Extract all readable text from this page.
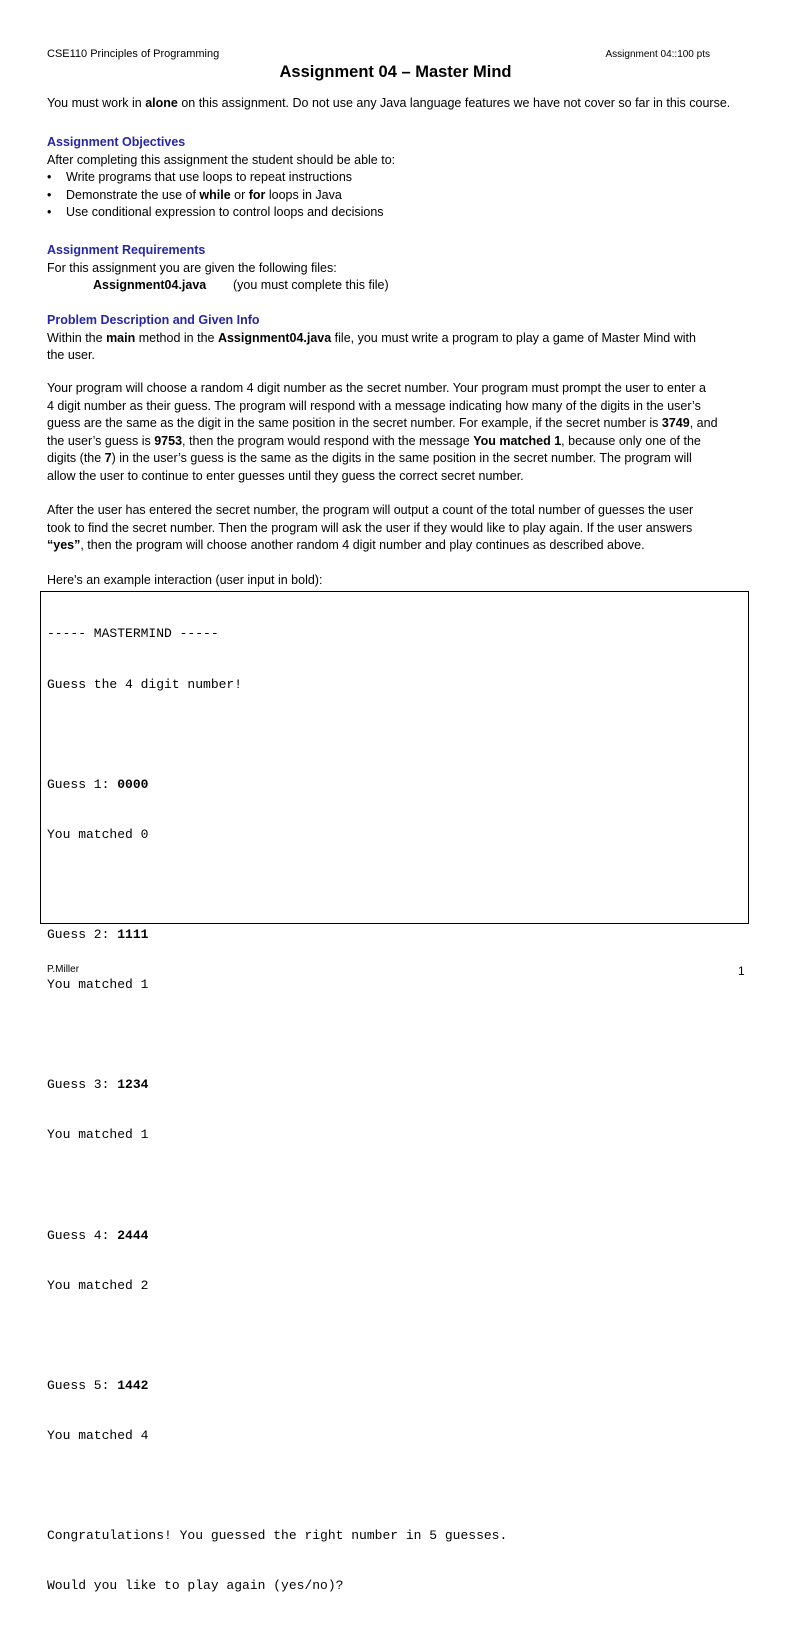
CSE110 Principles of Programming	Assignment 04::100 pts
Assignment 04 – Master Mind

You must work in alone on this assignment. Do not use any Java language features we have not cover so far in this course.

Assignment Objectives
After completing this assignment the student should be able to:
• Write programs that use loops to repeat instructions
• Demonstrate the use of while or for loops in Java
• Use conditional expression to control loops and decisions
Assignment Requirements
For this assignment you are given the following files:
Assignment04.java (you must complete this file)
Problem Description and Given Info
Within the main method in the Assignment04.java file, you must write a program to play a game of Master Mind with
the user.
Your program will choose a random 4 digit number as the secret number. Your program must prompt the user to enter a
4 digit number as their guess. The program will respond with a message indicating how many of the digits in the user’s
guess are the same as the digit in the same position in the secret number. For example, if the secret number is 3749, and
the user’s guess is 9753, then the program would respond with the message You matched 1, because only one of the
digits (the 7) in the user’s guess is the same as the digits in the same position in the secret number. The program will
allow the user to continue to enter guesses until they guess the correct secret number.
After the user has entered the secret number, the program will output a count of the total number of guesses the user
took to find the secret number. Then the program will ask the user if they would like to play again. If the user answers
“yes”, then the program will choose another random 4 digit number and play continues as described above.
Here's an example interaction (user input in bold):

----- MASTERMIND -----

Guess the 4 digit number!

Guess 1: 0000

You matched 0

Guess 2: 1111

You matched 1

Guess 3: 1234

You matched 1

Guess 4: 2444

You matched 2

Guess 5: 1442

You matched 4

Congratulations! You guessed the right number in 5 guesses.

Would you like to play again (yes/no)?

P.Miller	1
